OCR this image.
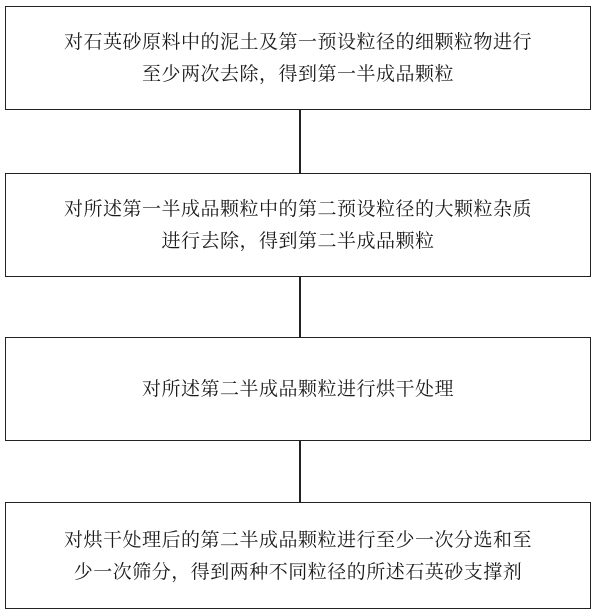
对石英砂原料中的泥土及第一预设粒径的细颗粒物进行
至少两次去除，得到第一半成品颗粒
对所述第一半成品颗粒中的第二预设粒径的大颗粒杂质
进行去除，得到第二半成品颗粒
对所述第二半成品颗粒进行烘干处理
对烘干处理后的第二半成品颗粒进行至少一次分选和至
少一次筛分，得到两种不同粒径的所述石英砂支撑剂
